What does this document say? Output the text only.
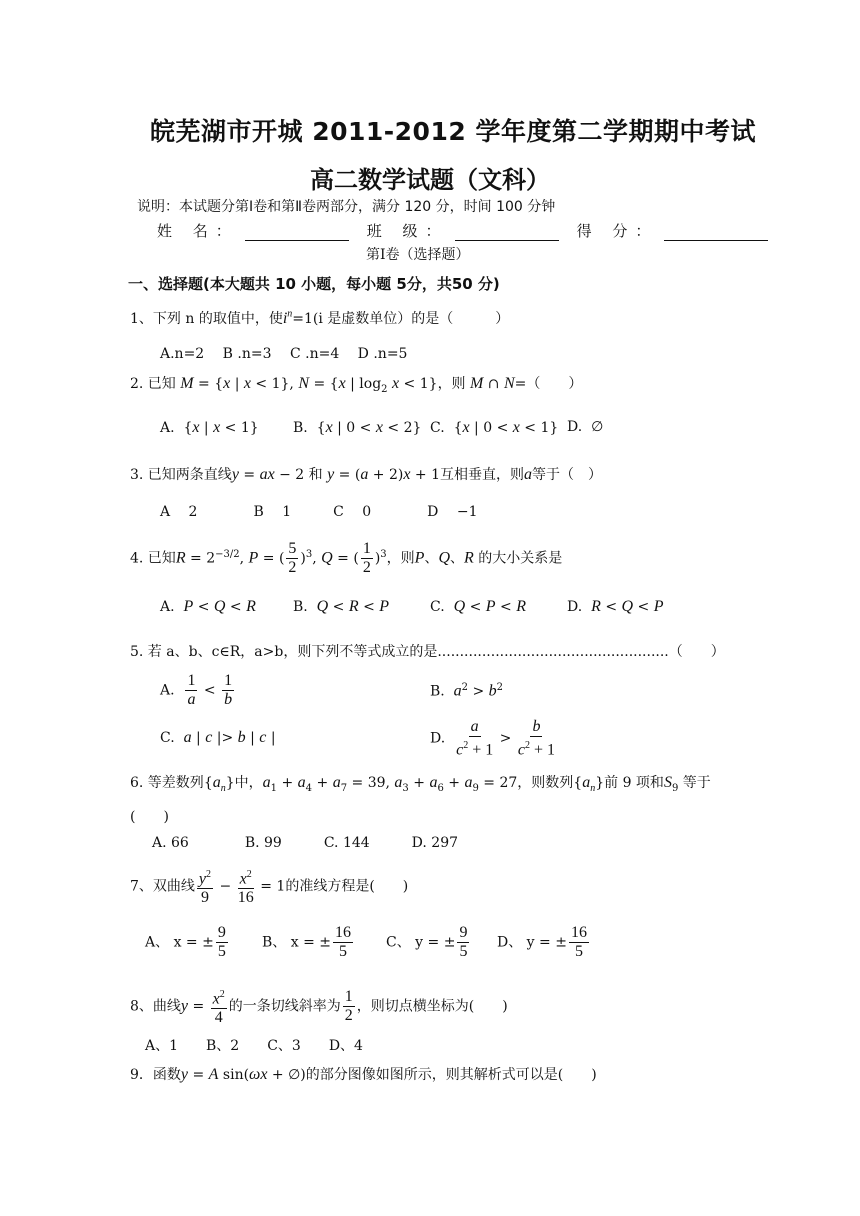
皖芜湖市开城 2011-2012 学年度第二学期期中考试
高二数学试题（文科）
说明：本试题分第Ⅰ卷和第Ⅱ卷两部分，满分 120 分，时间 100 分钟
姓 名：	班 级：	得 分：
第Ⅰ卷（选择题）
一、选择题(本大题共 10 小题，每小题 5分，共50 分)
1、下列 n 的取值中，使$i^n=1(i$ 是虚数单位）的是（　　　）
A.n=2　 B .n=3　 C .n=4　 D .n=5
2. 已知 M = {x | x < 1}, N = {x | $\log_2 x < 1$}，则 M ∩ N=（　　）
A.  {x | x < 1} B.  {x | 0 < x < 2} C.  {x | 0 < x < 1} D.  ∅
3. 已知两条直线y = ax − 2 和 y = (a + 2)x + 1互相垂直，则a等于（　）
A　 2　　　　B　 1　　　C　 0　　　　D　 −1
4. 已知$R = 2^{-3/2}$, P = ( $\frac{5}{2} )^3$, Q = ( $\frac{1}{2} )^3$，则P、Q、R 的大小关系是
A. P < Q < R	B. Q < R < P	C. Q < P < R	D. R < Q < P
5. 若 a、b、c∈R，a>b，则下列不等式成立的是....................................................（　　）
A. $\frac{1}{a} < \frac{1}{b}$	B. $a^2 > b^2$
C. a | c |> b | c |	D. $\frac{a}{c^2 + 1} > \frac{b}{c^2 + 1}$
6. 等差数列$\{a_n\}$中，$a_1 + a_4 + a_7 = 39$, $a_3 + a_6 + a_9 = 27$，则数列$\{a_n\}$前 9 项和$S_9$ 等于
(　　)
A. 66　　　　B. 99　　　C. 144　　　D. 297
7、双曲线 $\frac{y^2}{9} - \frac{x^2}{16} = 1$的准线方程是(　　)
A、 x = ± $\frac{9}{5}$ B、 x = ± $\frac{16}{5}$ C、 y = ± $\frac{9}{5}$ D、 y = ± $\frac{16}{5}$
8、曲线$y = \frac{x^2}{4}$ 的一条切线斜率为 $\frac{1}{2}$ ，则切点横坐标为(　　)
A、1　　B、2　　C、3　　D、4
9．函数y = A sin(ωx + ∅)的部分图像如图所示，则其解析式可以是(　　)
